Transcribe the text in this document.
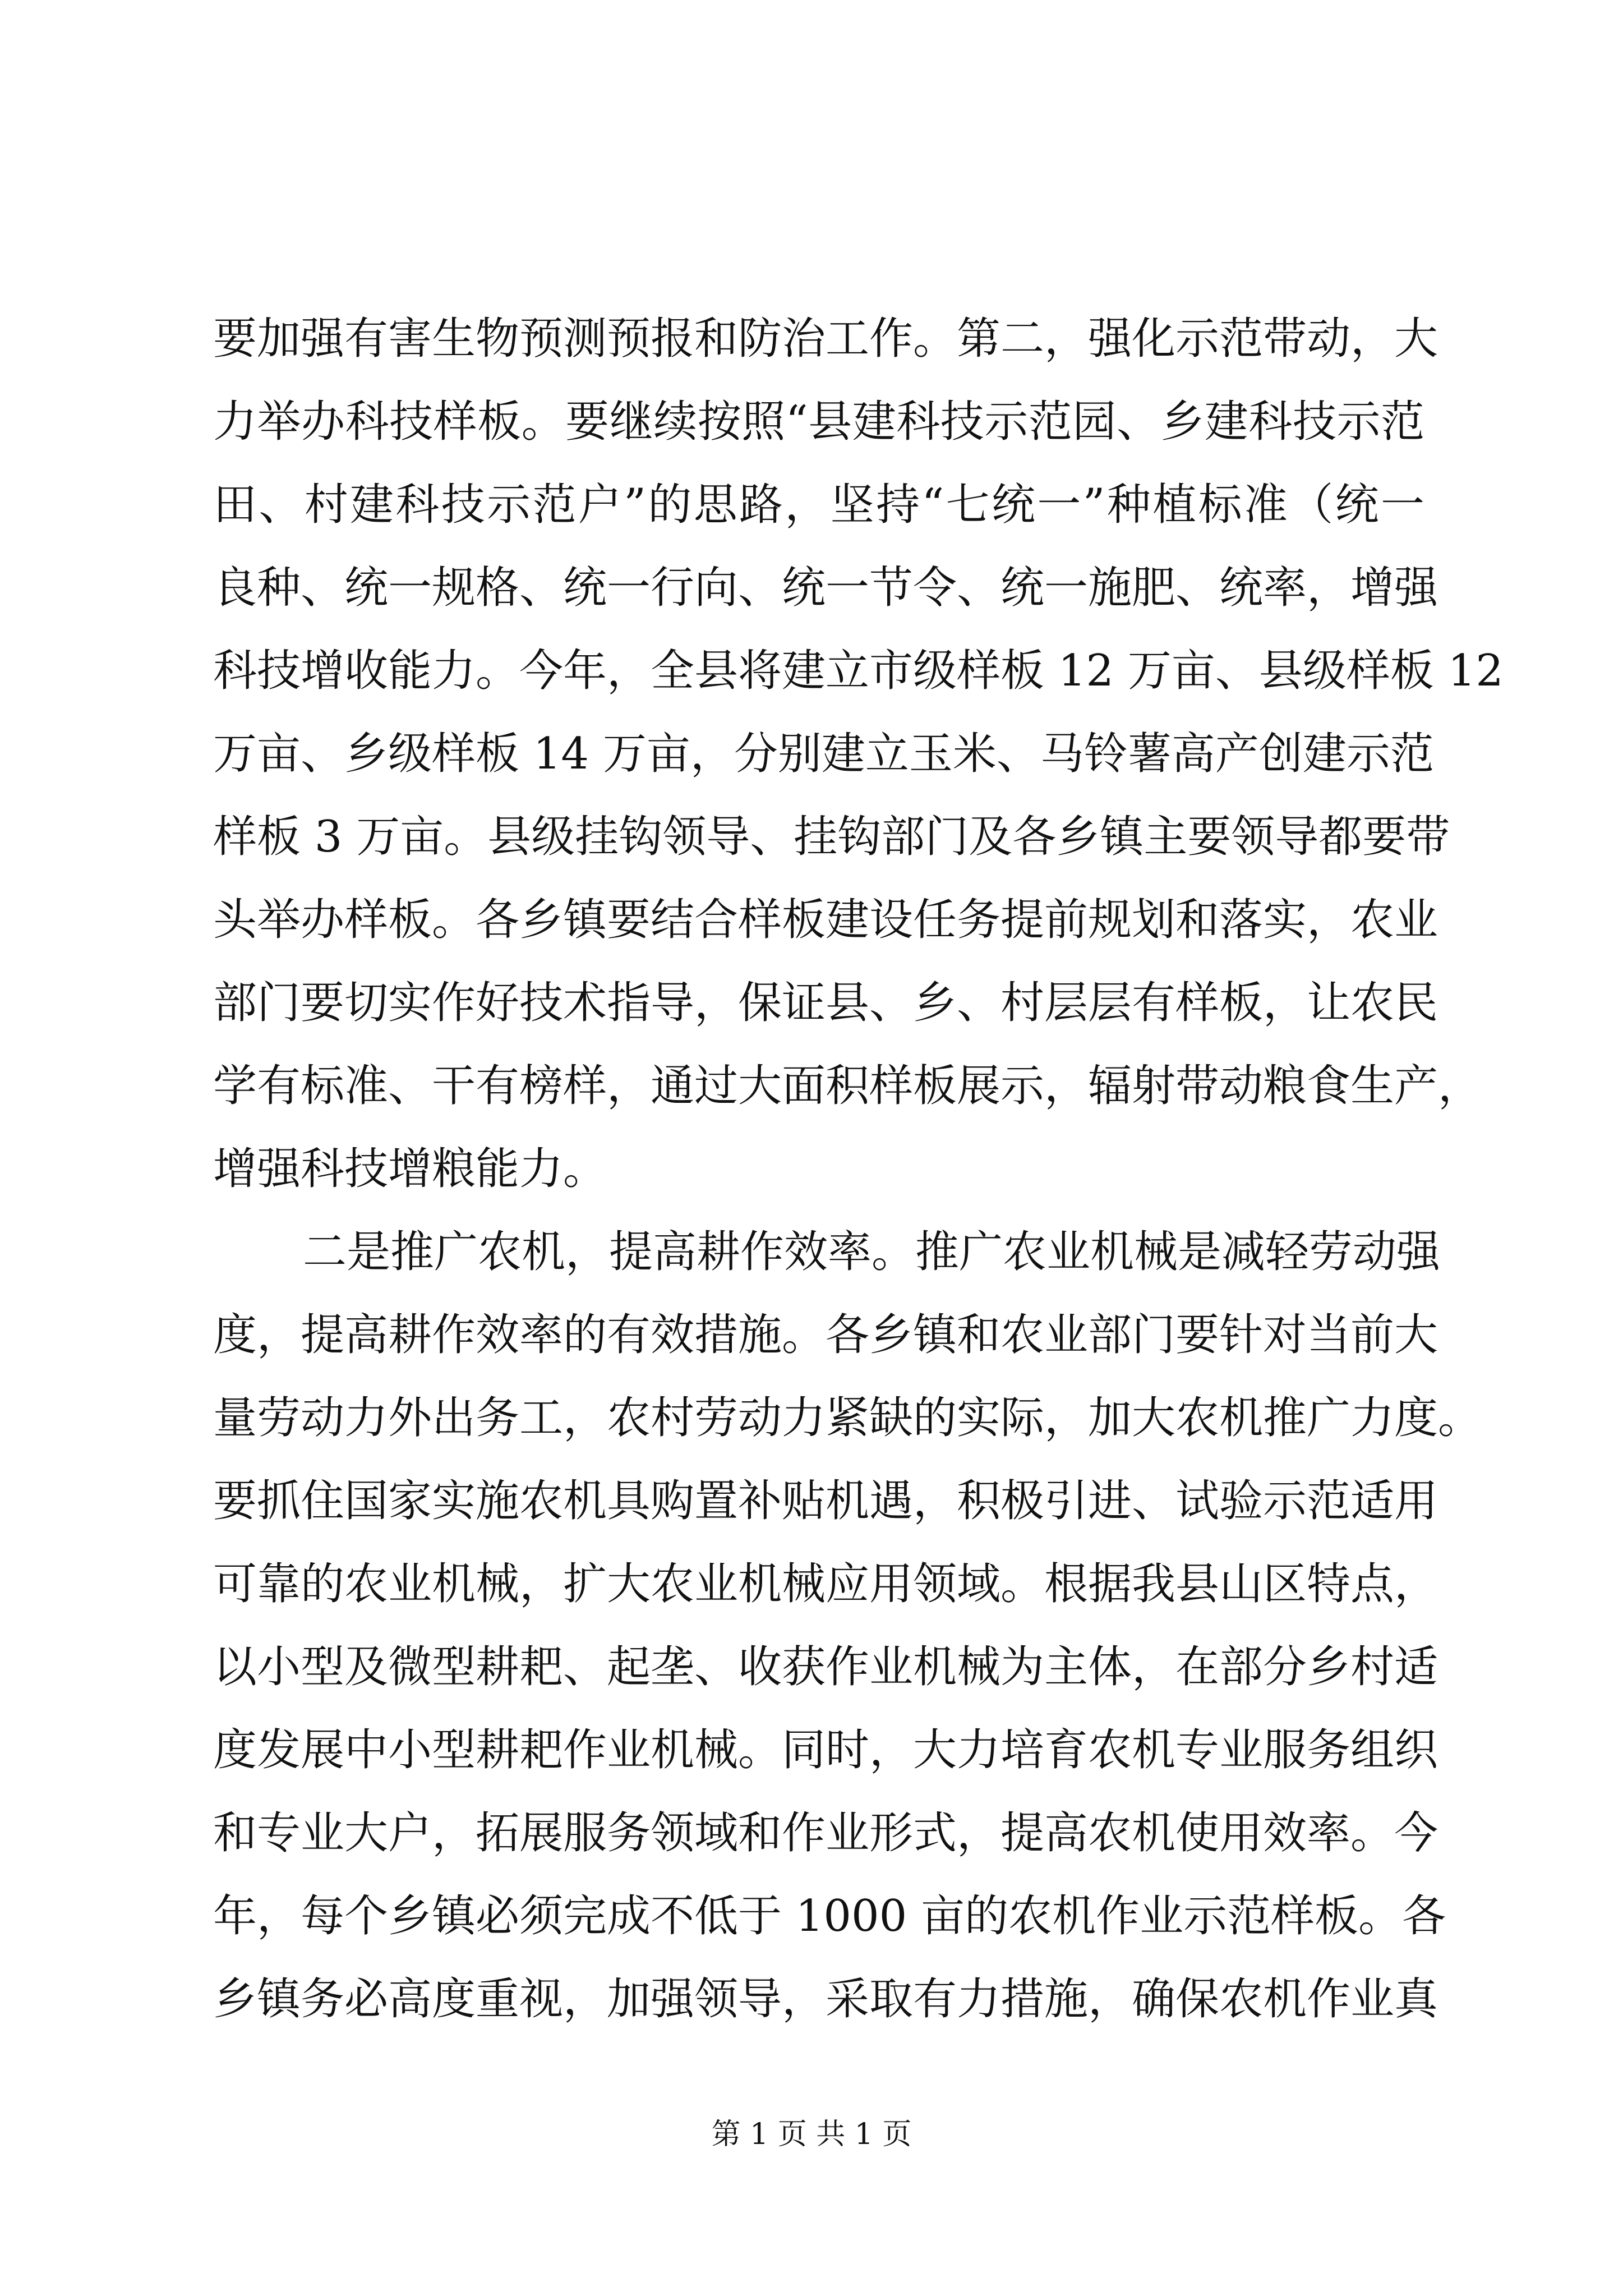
要加强有害生物预测预报和防治工作。第二，强化示范带动，大
力举办科技样板。要继续按照“县建科技示范园、乡建科技示范
田、村建科技示范户”的思路，坚持“七统一”种植标准（统一
良种、统一规格、统一行向、统一节令、统一施肥、统率，增强
科技增收能力。今年，全县将建立市级样板 12 万亩、县级样板 12
万亩、乡级样板 14 万亩，分别建立玉米、马铃薯高产创建示范
样板 3 万亩。县级挂钩领导、挂钩部门及各乡镇主要领导都要带
头举办样板。各乡镇要结合样板建设任务提前规划和落实，农业
部门要切实作好技术指导，保证县、乡、村层层有样板，让农民
学有标准、干有榜样，通过大面积样板展示，辐射带动粮食生产，
增强科技增粮能力。
二是推广农机，提高耕作效率。推广农业机械是减轻劳动强
度，提高耕作效率的有效措施。各乡镇和农业部门要针对当前大
量劳动力外出务工，农村劳动力紧缺的实际，加大农机推广力度。
要抓住国家实施农机具购置补贴机遇，积极引进、试验示范适用
可靠的农业机械，扩大农业机械应用领域。根据我县山区特点，
以小型及微型耕耙、起垄、收获作业机械为主体，在部分乡村适
度发展中小型耕耙作业机械。同时，大力培育农机专业服务组织
和专业大户，拓展服务领域和作业形式，提高农机使用效率。今
年，每个乡镇必须完成不低于 1000 亩的农机作业示范样板。各
乡镇务必高度重视，加强领导，采取有力措施，确保农机作业真
第 1 页 共 1 页
